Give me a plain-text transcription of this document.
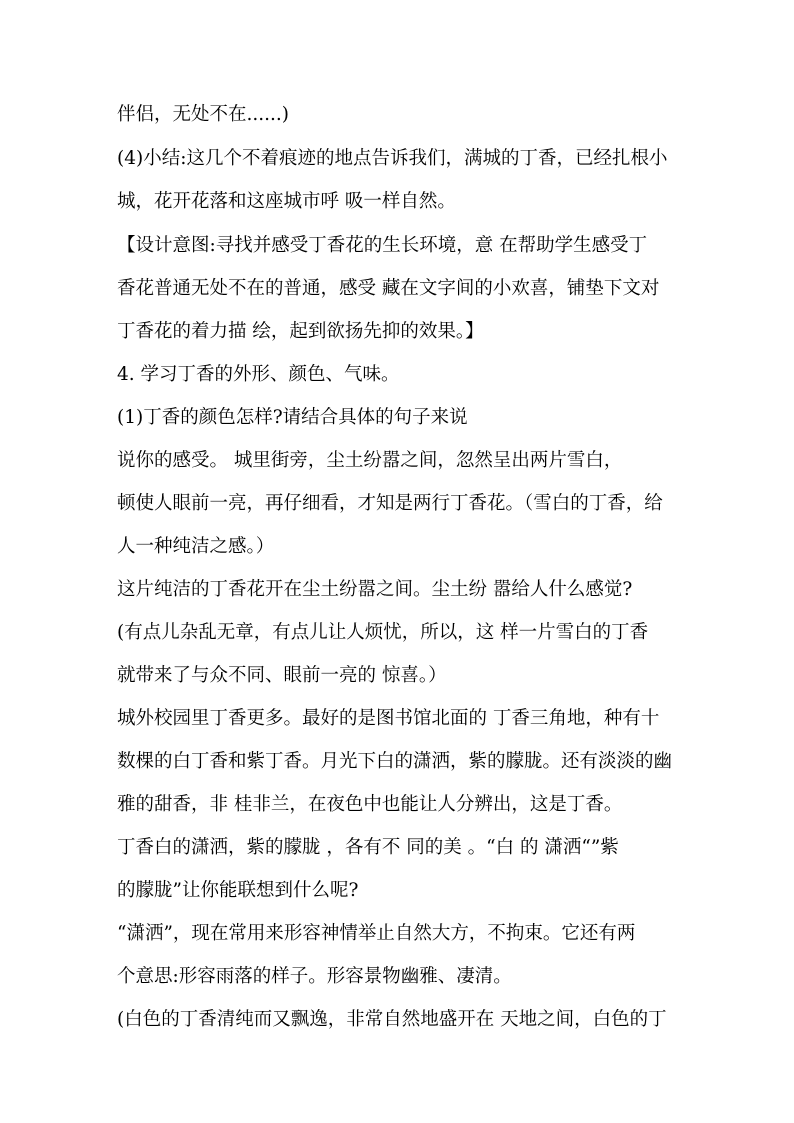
伴侣，无处不在......)
(4)小结:这几个不着痕迹的地点告诉我们，满城的丁香，已经扎根小
城，花开花落和这座城市呼 吸一样自然。
【设计意图:寻找并感受丁香花的生长环境，意 在帮助学生感受丁
香花普通无处不在的普通，感受 藏在文字间的小欢喜，铺垫下文对
丁香花的着力描 绘，起到欲扬先抑的效果。】
4. 学习丁香的外形、颜色、气味。
(1)丁香的颜色怎样?请结合具体的句子来说
说你的感受。 城里街旁，尘土纷嚣之间，忽然呈出两片雪白，
顿使人眼前一亮，再仔细看，才知是两行丁香花。（雪白的丁香，给
人一种纯洁之感。）
这片纯洁的丁香花开在尘土纷嚣之间。尘土纷 嚣给人什么感觉?
(有点儿杂乱无章，有点儿让人烦忧，所以，这 样一片雪白的丁香
就带来了与众不同、眼前一亮的 惊喜。）
城外校园里丁香更多。最好的是图书馆北面的 丁香三角地，种有十
数棵的白丁香和紫丁香。月光下白的潇洒，紫的朦胧。还有淡淡的幽
雅的甜香，非 桂非兰，在夜色中也能让人分辨出，这是丁香。
丁香白的潇洒，紫的朦胧 ，各有不 同的美 。“白 的 潇洒“”紫
的朦胧”让你能联想到什么呢?
“潇洒”，现在常用来形容神情举止自然大方，不拘束。它还有两
个意思:形容雨落的样子。形容景物幽雅、凄清。
(白色的丁香清纯而又飘逸，非常自然地盛开在 天地之间，白色的丁
